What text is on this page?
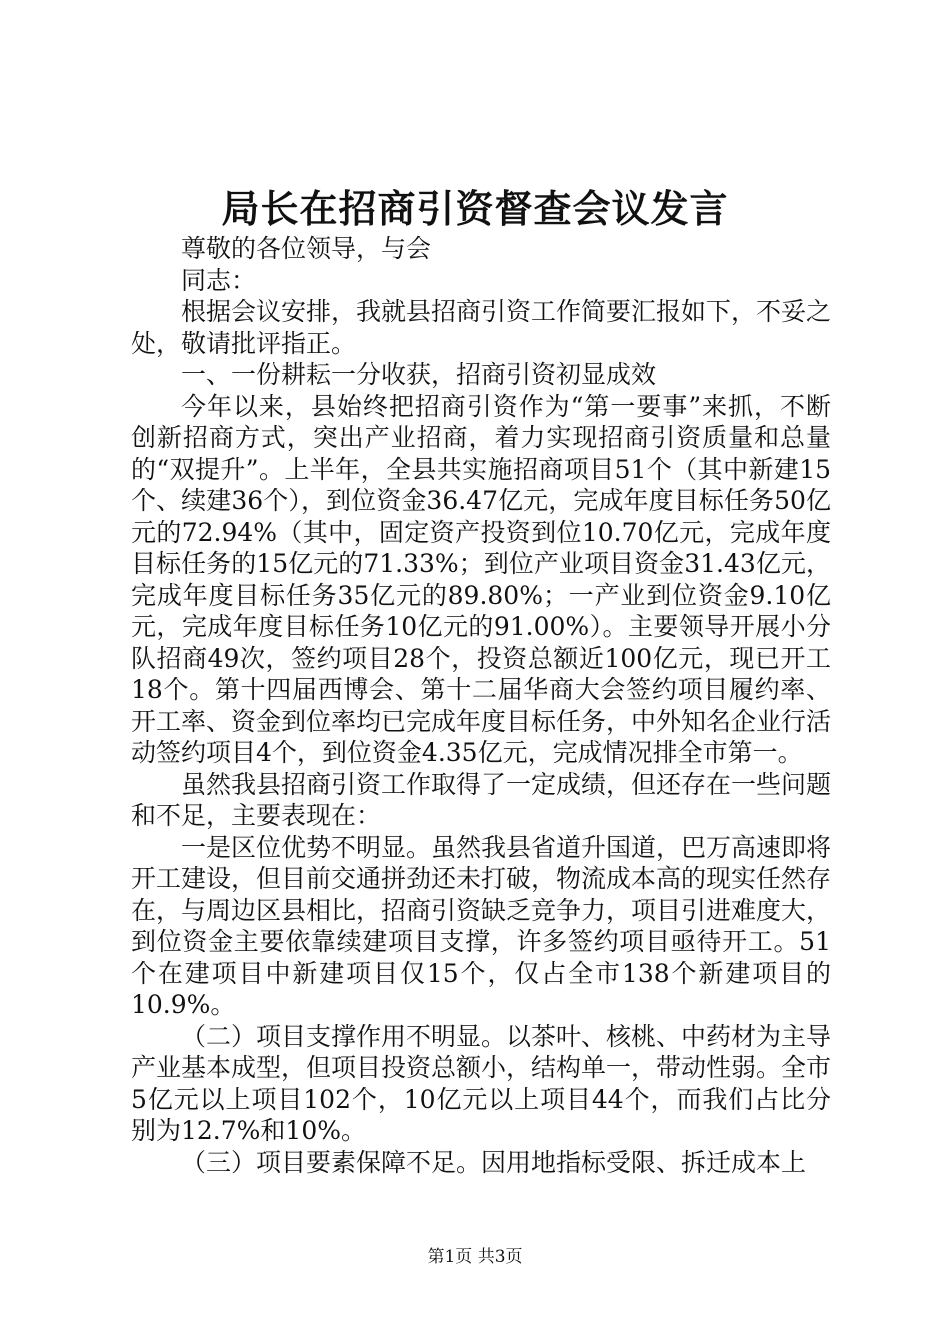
局长在招商引资督查会议发言

尊敬的各位领导，与会

同志：

根据会议安排，我就县招商引资工作简要汇报如下，不妥之处，敬请批评指正。

一、一份耕耘一分收获，招商引资初显成效

今年以来，县始终把招商引资作为“第一要事”来抓，不断创新招商方式，突出产业招商，着力实现招商引资质量和总量的“双提升”。上半年，全县共实施招商项目51个（其中新建15个、续建36个），到位资金36.47亿元，完成年度目标任务50亿元的72.94%（其中，固定资产投资到位10.70亿元，完成年度目标任务的15亿元的71.33%；到位产业项目资金31.43亿元，完成年度目标任务35亿元的89.80%；一产业到位资金9.10亿元，完成年度目标任务10亿元的91.00%）。主要领导开展小分队招商49次，签约项目28个，投资总额近100亿元，现已开工18个。第十四届西博会、第十二届华商大会签约项目履约率、开工率、资金到位率均已完成年度目标任务，中外知名企业行活动签约项目4个，到位资金4.35亿元，完成情况排全市第一。

虽然我县招商引资工作取得了一定成绩，但还存在一些问题和不足，主要表现在：

一是区位优势不明显。虽然我县省道升国道，巴万高速即将开工建设，但目前交通拼劲还未打破，物流成本高的现实任然存在，与周边区县相比，招商引资缺乏竞争力，项目引进难度大，到位资金主要依靠续建项目支撑，许多签约项目亟待开工。51个在建项目中新建项目仅15个，仅占全市138个新建项目的10.9%。

（二）项目支撑作用不明显。以茶叶、核桃、中药材为主导产业基本成型，但项目投资总额小，结构单一，带动性弱。全市5亿元以上项目102个，10亿元以上项目44个，而我们占比分别为12.7%和10%。

（三）项目要素保障不足。因用地指标受限、拆迁成本上

第1页 共3页
